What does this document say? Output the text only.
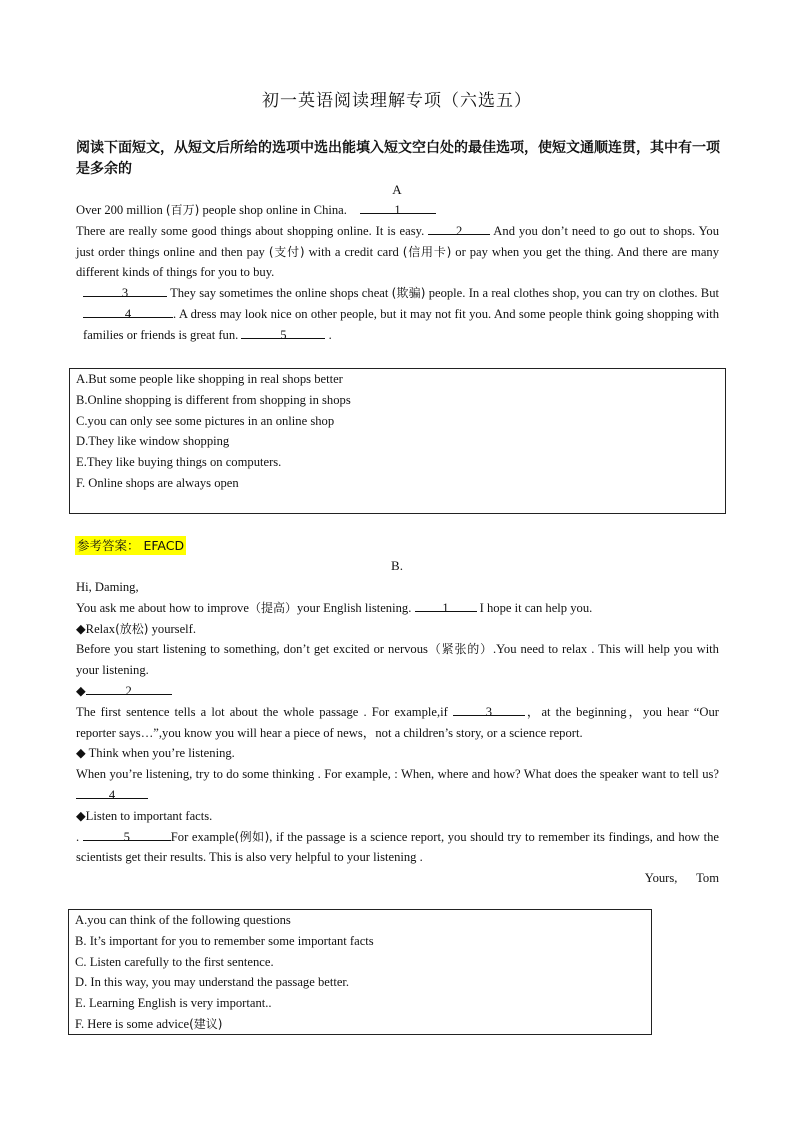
初一英语阅读理解专项（六选五）
阅读下面短文，从短文后所给的选项中选出能填入短文空白处的最佳选项，使短文通顺连贯，其中有一项是多余的
A

Over 200 million (百万) people shop online in China.	1

There are really some good things about shopping online. It is easy.	2 And you don’t need to go out to shops. You just order things online and then pay (支付) with a credit card (信用卡) or pay when you get the thing. And there are many different kinds of things for you to buy.

3	They say sometimes the online shops cheat (欺骗) people. In a real clothes shop, you can try on clothes. But 4	. A dress may look nice on other people, but it may not fit you. And some people think going shopping with families or friends is great fun.	5	.

A.But some people like shopping in real shops better
B.Online shopping is different from shopping in shops
C.you can only see some pictures in an online shop
D.They like window shopping
E.They like buying things on computers.
F. Online shops are always open
参考答案： EFACD
B.

Hi, Daming,

You ask me about how to improve（提高）your English listening. 1 I hope it can help you.

◆Relax(放松) yourself.

Before you start listening to something, don’t get excited or nervous（紧张的）.You need to relax . This will help you with your listening.

◆	2

The first sentence tells a lot about the whole passage . For example,if	3	，at the beginning，you hear “Our reporter says…”,you know you will hear a piece of news，not a children’s story, or a science report.

◆ Think when you’re listening.

When you’re listening, try to do some thinking . For example, : When, where and how? What does the speaker want to tell us? 4

◆Listen to important facts.

.	5	For example(例如), if the passage is a science report, you should try to remember its findings, and how the scientists get their results. This is also very helpful to your listening .

Yours,      Tom

A.you can think of the following questions
B. It’s important for you to remember some important facts
C. Listen carefully to the first sentence.
D. In this way, you may understand the passage better.
E. Learning English is very important..
F. Here is some advice(建议)
